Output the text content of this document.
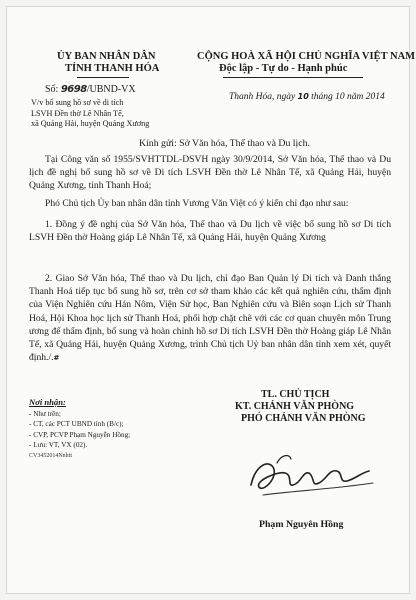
ỦY BAN NHÂN DÂN
TỈNH THANH HÓA
Số: 9698/UBND-VX
V/v bổ sung hồ sơ về di tích
LSVH Đền thờ Lê Nhân Tế,
xã Quảng Hải, huyện Quảng Xương
CỘNG HOÀ XÃ HỘI CHỦ NGHĨA VIỆT NAM
Độc lập - Tự do - Hạnh phúc
Thanh Hóa, ngày 10 tháng 10 năm 2014
Kính gửi: Sở Văn hóa, Thể thao và Du lịch.
Tại Công văn số 1955/SVHTTDL-DSVH ngày 30/9/2014, Sở Văn hóa, Thể thao và Du lịch đề nghị bổ sung hồ sơ về Di tích LSVH Đền thờ Lê Nhân Tế, xã Quảng Hải, huyện Quảng Xương, tỉnh Thanh Hoá;
Phó Chủ tịch Ủy ban nhân dân tỉnh Vương Văn Việt có ý kiến chỉ đạo như sau:
1. Đồng ý đề nghị của Sở Văn hóa, Thể thao và Du lịch về việc bổ sung hồ sơ Di tích LSVH Đền thờ Hoàng giáp Lê Nhân Tế, xã Quảng Hải, huyện Quảng Xương
2. Giao Sở Văn hóa, Thể thao và Du lịch, chỉ đạo Ban Quản lý Di tích và Danh thắng Thanh Hoá tiếp tục bổ sung hồ sơ, trên cơ sở tham khảo các kết quả nghiên cứu, thẩm định của Viện Nghiên cứu Hán Nôm, Viện Sử học, Ban Nghiên cứu và Biên soạn Lịch sử Thanh Hoá, Hội Khoa học lịch sử Thanh Hoá, phối hợp chặt chẽ với các cơ quan chuyên môn Trung ương để thẩm định, bổ sung và hoàn chỉnh hồ sơ Di tích LSVH Đền thờ Hoàng giáp Lê Nhân Tế, xã Quảng Hải, huyện Quảng Xương, trình Chủ tịch Uỷ ban nhân dân tỉnh xem xét, quyết định./.#
Nơi nhận:
- Như trên;
- CT, các PCT UBND tỉnh (B/c);
- CVP, PCVP Phạm Nguyễn Hồng;
- Lưu: VT, VX (02).
CV3452014Nnhtt
TL. CHỦ TỊCH
KT. CHÁNH VĂN PHÒNG
PHÓ CHÁNH VĂN PHÒNG
Phạm Nguyên Hồng
